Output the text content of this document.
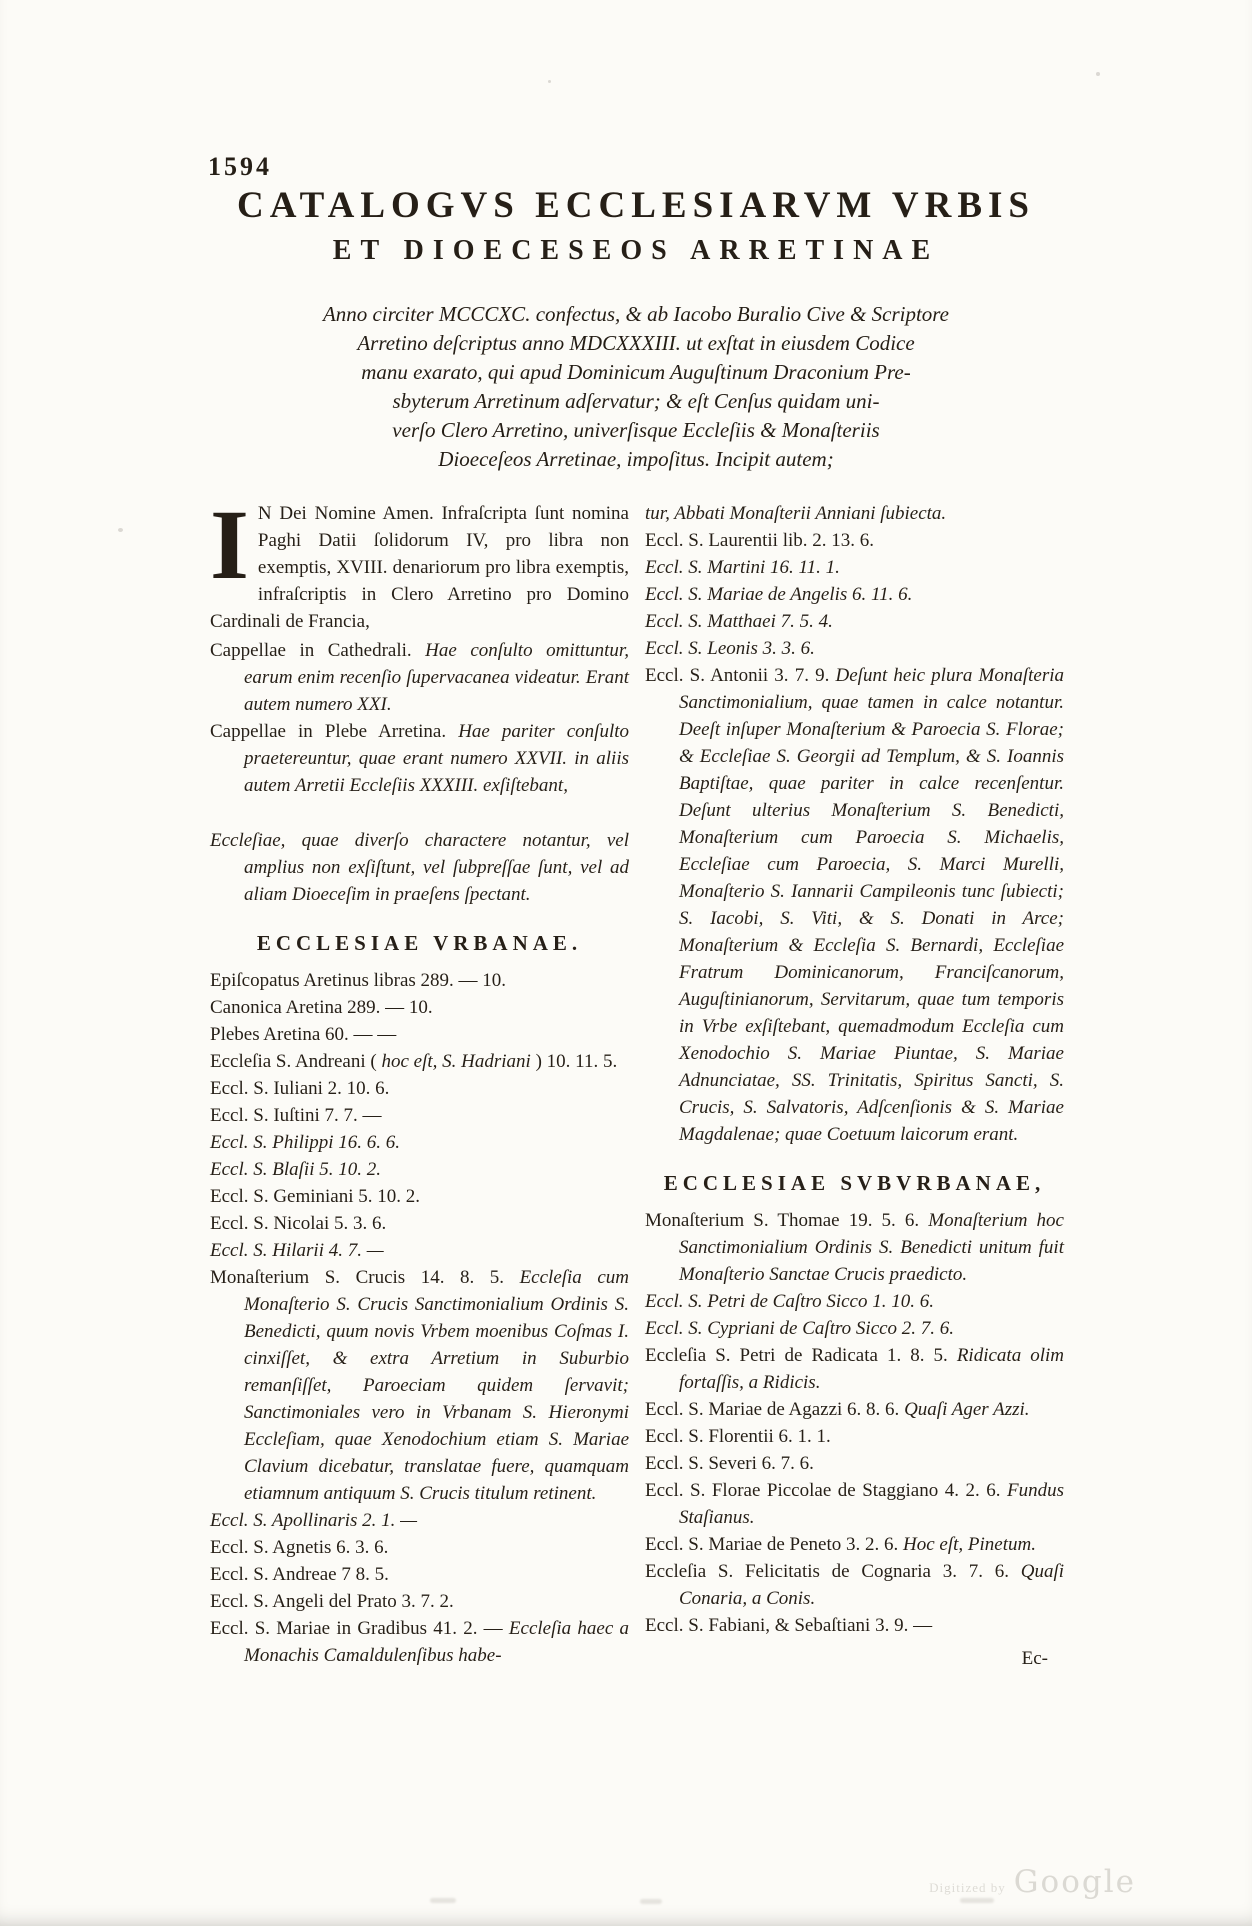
1594
CATALOGVS ECCLESIARVM VRBIS
ET DIOECESEOS ARRETINAE
Anno circiter MCCCXC. confectus, & ab Iacobo Buralio Cive & Scriptore
Arretino deſcriptus anno MDCXXXIII. ut exſtat in eiusdem Codice
manu exarato, qui apud Dominicum Auguſtinum Draconium Pre-
sbyterum Arretinum adſervatur; & eſt Cenſus quidam uni-
verſo Clero Arretino, univerſisque Eccleſiis & Monaſteriis
Dioeceſeos Arretinae, impoſitus. Incipit autem;
I N Dei Nomine Amen. Infraſcripta ſunt nomina Paghi Datii ſolidorum IV, pro libra non exemptis, XVIII. denariorum pro libra exemptis, infraſcriptis in Clero Arretino pro Domino Cardinali de Francia,
Cappellae in Cathedrali. Hae conſulto omittuntur, earum enim recenſio ſupervacanea videatur. Erant autem numero XXI.
Cappellae in Plebe Arretina. Hae pariter conſulto praetereuntur, quae erant numero XXVII. in aliis autem Arretii Eccleſiis XXXIII. exſiſtebant,
Eccleſiae, quae diverſo charactere notantur, vel amplius non exſiſtunt, vel ſubpreſſae ſunt, vel ad aliam Dioeceſim in praeſens ſpectant.
ECCLESIAE VRBANAE.
Epiſcopatus Aretinus libras 289. — 10.
Canonica Aretina 289. — 10.
Plebes Aretina 60. — —
Eccleſia S. Andreani ( hoc eſt, S. Hadriani ) 10. 11. 5.
Eccl. S. Iuliani 2. 10. 6.
Eccl. S. Iuſtini 7. 7. —
Eccl. S. Philippi 16. 6. 6.
Eccl. S. Blaſii 5. 10. 2.
Eccl. S. Geminiani 5. 10. 2.
Eccl. S. Nicolai 5. 3. 6.
Eccl. S. Hilarii 4. 7. —
Monaſterium S. Crucis 14. 8. 5. Eccleſia cum Monaſterio S. Crucis Sanctimonialium Ordinis S. Benedicti, quum novis Vrbem moenibus Coſmas I. cinxiſſet, & extra Arretium in Suburbio remanſiſſet, Paroeciam quidem ſervavit; Sanctimoniales vero in Vrbanam S. Hieronymi Eccleſiam, quae Xenodochium etiam S. Mariae Clavium dicebatur, translatae fuere, quamquam etiamnum antiquum S. Crucis titulum retinent.
Eccl. S. Apollinaris 2. 1. —
Eccl. S. Agnetis 6. 3. 6.
Eccl. S. Andreae 7 8. 5.
Eccl. S. Angeli del Prato 3. 7. 2.
Eccl. S. Mariae in Gradibus 41. 2. — Eccleſia haec a Monachis Camaldulenſibus habe-
tur, Abbati Monaſterii Anniani ſubiecta.
Eccl. S. Laurentii lib. 2. 13. 6.
Eccl. S. Martini 16. 11. 1.
Eccl. S. Mariae de Angelis 6. 11. 6.
Eccl. S. Matthaei 7. 5. 4.
Eccl. S. Leonis 3. 3. 6.
Eccl. S. Antonii 3. 7. 9. Deſunt heic plura Monaſteria Sanctimonialium, quae tamen in calce notantur. Deeſt inſuper Monaſterium & Paroecia S. Florae; & Eccleſiae S. Georgii ad Templum, & S. Ioannis Baptiſtae, quae pariter in calce recenſentur. Deſunt ulterius Monaſterium S. Benedicti, Monaſterium cum Paroecia S. Michaelis, Eccleſiae cum Paroecia, S. Marci Murelli, Monaſterio S. Iannarii Campileonis tunc ſubiecti; S. Iacobi, S. Viti, & S. Donati in Arce; Monaſterium & Eccleſia S. Bernardi, Eccleſiae Fratrum Dominicanorum, Franciſcanorum, Auguſtinianorum, Servitarum, quae tum temporis in Vrbe exſiſtebant, quemadmodum Eccleſia cum Xenodochio S. Mariae Piuntae, S. Mariae Adnunciatae, SS. Trinitatis, Spiritus Sancti, S. Crucis, S. Salvatoris, Adſcenſionis & S. Mariae Magdalenae; quae Coetuum laicorum erant.
ECCLESIAE SVBVRBANAE,
Monaſterium S. Thomae 19. 5. 6. Monaſterium hoc Sanctimonialium Ordinis S. Benedicti unitum fuit Monaſterio Sanctae Crucis praedicto.
Eccl. S. Petri de Caſtro Sicco 1. 10. 6.
Eccl. S. Cypriani de Caſtro Sicco 2. 7. 6.
Eccleſia S. Petri de Radicata 1. 8. 5. Ridicata olim fortaſſis, a Ridicis.
Eccl. S. Mariae de Agazzi 6. 8. 6. Quaſi Ager Azzi.
Eccl. S. Florentii 6. 1. 1.
Eccl. S. Severi 6. 7. 6.
Eccl. S. Florae Piccolae de Staggiano 4. 2. 6. Fundus Staſianus.
Eccl. S. Mariae de Peneto 3. 2. 6. Hoc eſt, Pinetum.
Eccleſia S. Felicitatis de Cognaria 3. 7. 6. Quaſi Conaria, a Conis.
Eccl. S. Fabiani, & Sebaſtiani 3. 9. —
Ec-
Digitized by Google
